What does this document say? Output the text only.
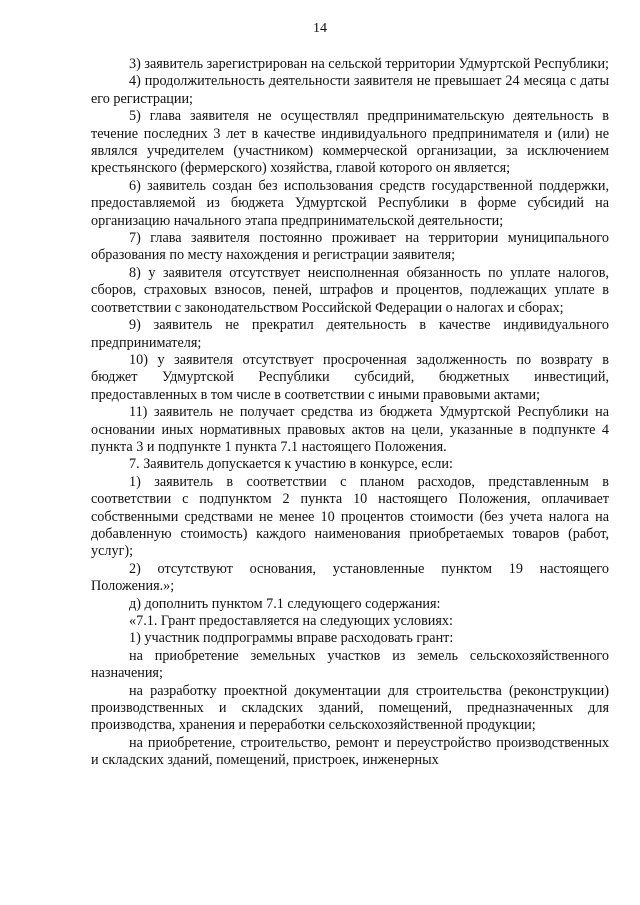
14

3) заявитель зарегистрирован на сельской территории Удмуртской Республики;

4) продолжительность деятельности заявителя не превышает 24 месяца с даты его регистрации;

5) глава заявителя не осуществлял предпринимательскую деятельность в течение последних 3 лет в качестве индивидуального предпринимателя и (или) не являлся учредителем (участником) коммерческой организации, за исключением крестьянского (фермерского) хозяйства, главой которого он является;

6) заявитель создан без использования средств государственной поддержки, предоставляемой из бюджета Удмуртской Республики в форме субсидий на организацию начального этапа предпринимательской деятельности;

7) глава заявителя постоянно проживает на территории муниципального образования по месту нахождения и регистрации заявителя;

8) у заявителя отсутствует неисполненная обязанность по уплате налогов, сборов, страховых взносов, пеней, штрафов и процентов, подлежащих уплате в соответствии с законодательством Российской Федерации о налогах и сборах;

9) заявитель не прекратил деятельность в качестве индивидуального предпринимателя;

10) у заявителя отсутствует просроченная задолженность по возврату в бюджет Удмуртской Республики субсидий, бюджетных инвестиций, предоставленных в том числе в соответствии с иными правовыми актами;

11) заявитель не получает средства из бюджета Удмуртской Республики на основании иных нормативных правовых актов на цели, указанные в подпункте 4 пункта 3 и подпункте 1 пункта 7.1 настоящего Положения.

7. Заявитель допускается к участию в конкурсе, если:

1) заявитель в соответствии с планом расходов, представленным в соответствии с подпунктом 2 пункта 10 настоящего Положения, оплачивает собственными средствами не менее 10 процентов стоимости (без учета налога на добавленную стоимость) каждого наименования приобретаемых товаров (работ, услуг);

2) отсутствуют основания, установленные пунктом 19 настоящего Положения.»;

д) дополнить пунктом 7.1 следующего содержания:

«7.1. Грант предоставляется на следующих условиях:

1) участник подпрограммы вправе расходовать грант:

на приобретение земельных участков из земель сельскохозяйственного назначения;

на разработку проектной документации для строительства (реконструкции) производственных и складских зданий, помещений, предназначенных для производства, хранения и переработки сельскохозяйственной продукции;

на приобретение, строительство, ремонт и переустройство производственных и складских зданий, помещений, пристроек, инженерных
